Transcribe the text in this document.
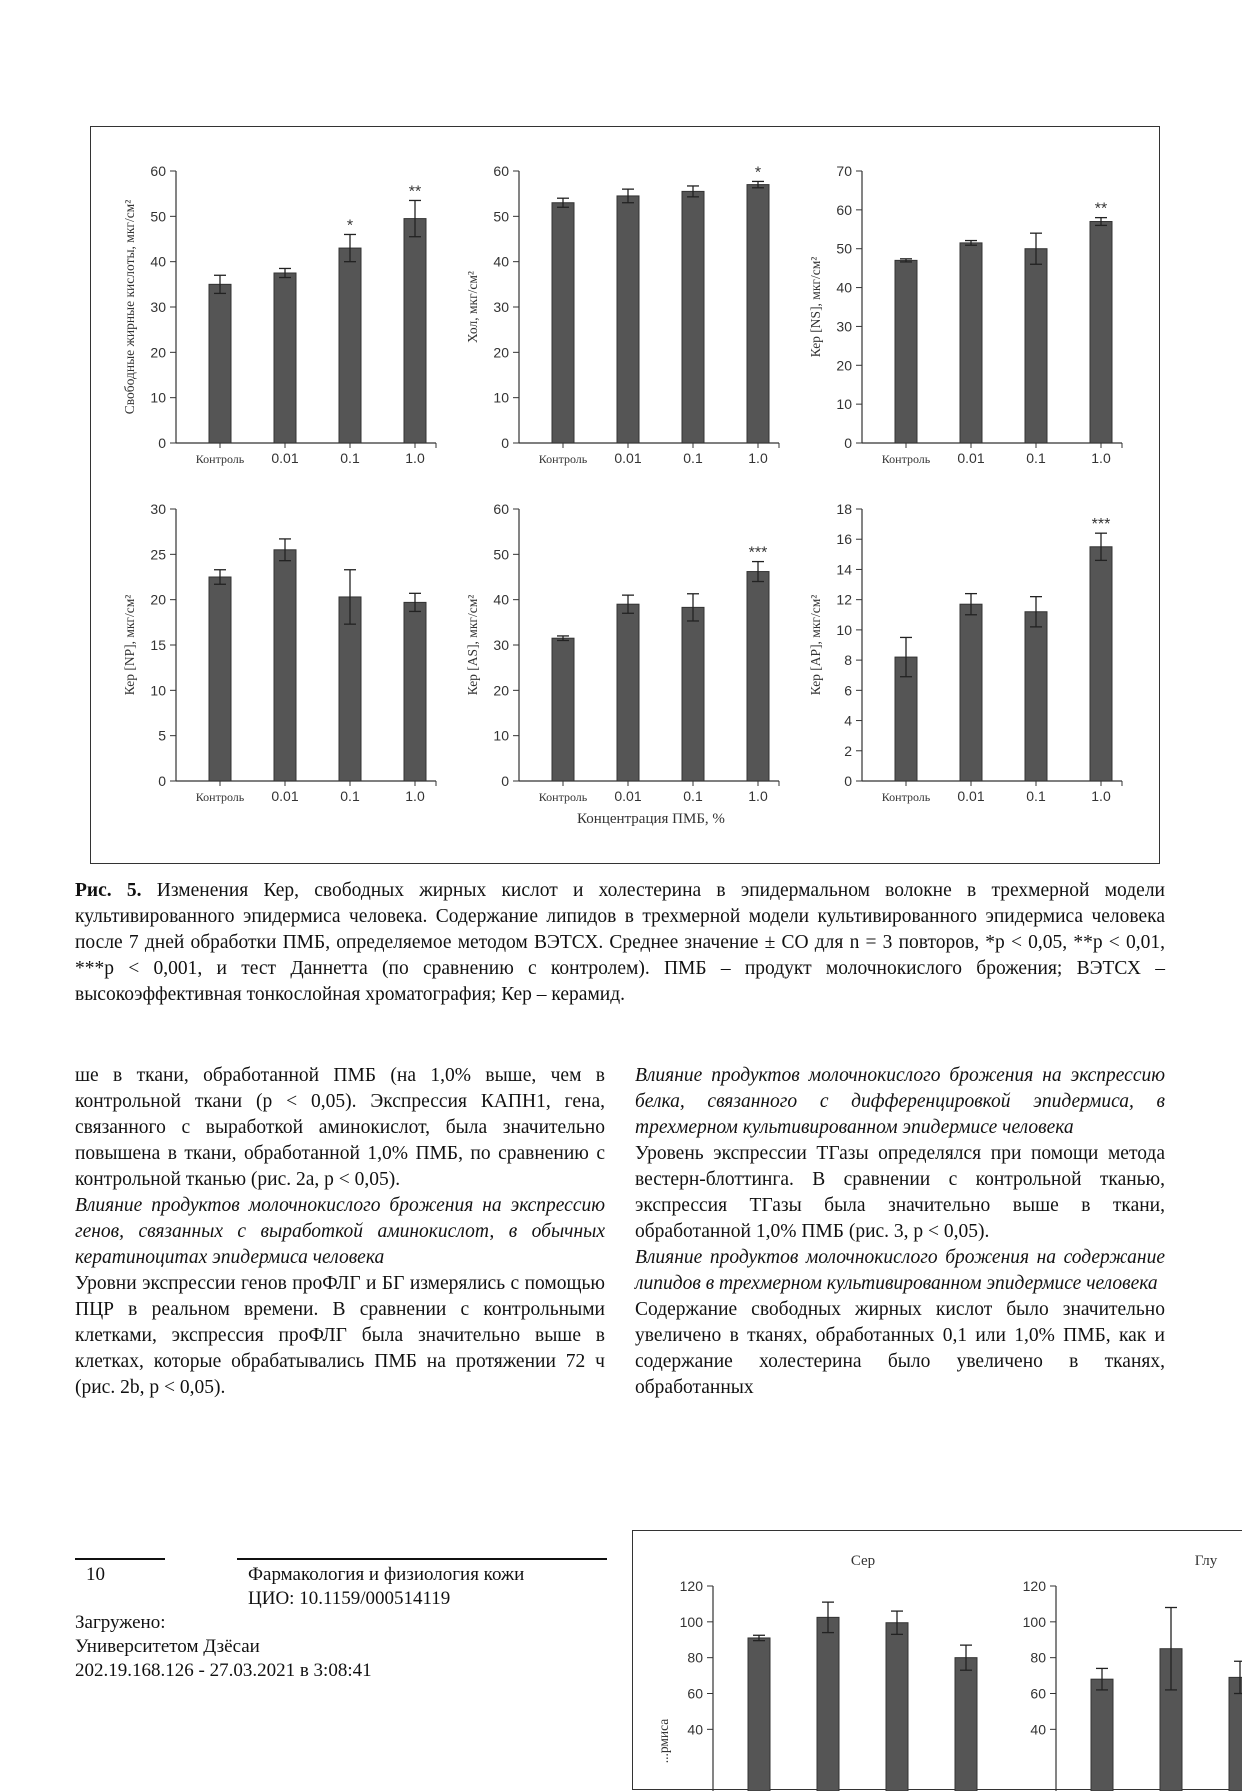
0
10
20
30
40
50
60
Контроль 0.01	0.1	1.0
*
**
Свободные жирные кислоты, мкг/см²
0
10
20
30
40
50
60
Контроль 0.01	0.1	1.0
*
Хол, мкг/см²
0
10
20
30
40
50
60
70
Контроль 0.01	0.1	1.0
**
Кер [NS], мкг/см²
0
5
10
15
20
25
30
Контроль 0.01	0.1	1.0
Кер [NP], мкг/см²
0
10
20
30
40
50
60
Контроль 0.01	0.1	1.0
***
Кер [AS], мкг/см²
0
2
4
6
8
10
12
14
16
18
Контроль 0.01	0.1	1.0
***
Кер [AP], мкг/см²
Концентрация ПМБ, %
Рис. 5. Изменения Кер, свободных жирных кислот и холестерина в эпидермальном волокне в трехмерной модели культивированного эпидермиса человека. Содержание липидов в трехмерной модели культивированного эпидермиса человека после 7 дней обработки ПМБ, определяемое методом ВЭТСХ. Среднее значение ± СО для n = 3 повторов, *p < 0,05, **p < 0,01, ***p < 0,001, и тест Даннетта (по сравнению с контролем). ПМБ – продукт молочнокислого брожения; ВЭТСХ – высокоэффективная тонкослойная хроматография; Кер – керамид.

ше в ткани, обработанной ПМБ (на 1,0% выше, чем в контрольной ткани (p < 0,05). Экспрессия КАПН1, гена, связанного с выработкой аминокислот, была значительно повышена в ткани, обработанной 1,0% ПМБ, по сравнению с контрольной тканью (рис. 2a, p < 0,05).

Влияние продуктов молочнокислого брожения на экспрессию генов, связанных с выработкой аминокислот, в обычных кератиноцитах эпидермиса человека

Уровни экспрессии генов проФЛГ и БГ измерялись с помощью ПЦР в реальном времени. В сравнении с контрольными клетками, экспрессия проФЛГ была значительно выше в клетках, которые обрабатывались ПМБ на протяжении 72 ч (рис. 2b, p < 0,05).

Влияние продуктов молочнокислого брожения на экспрессию белка, связанного с дифференцировкой эпидермиса, в трехмерном культивированном эпидермисе человека

Уровень экспрессии ТГазы определялся при помощи метода вестерн-блоттинга. В сравнении с контрольной тканью, экспрессия ТГазы была значительно выше в ткани, обработанной 1,0% ПМБ (рис. 3, p < 0,05).

Влияние продуктов молочнокислого брожения на содержание липидов в трехмерном культивированном эпидермисе человека

Содержание свободных жирных кислот было значительно увеличено в тканях, обработанных 0,1 или 1,0% ПМБ, как и содержание холестерина было увеличено в тканях, обработанных

10	Фармакология и физиология кожи
ЦИО: 10.1159/000514119
Загружено:
Университетом Дзёсаи
202.19.168.126 - 27.03.2021 в 3:08:41
40
60
80
100
120
Сер
...рмиса	40
60
80
100
120
Глу
